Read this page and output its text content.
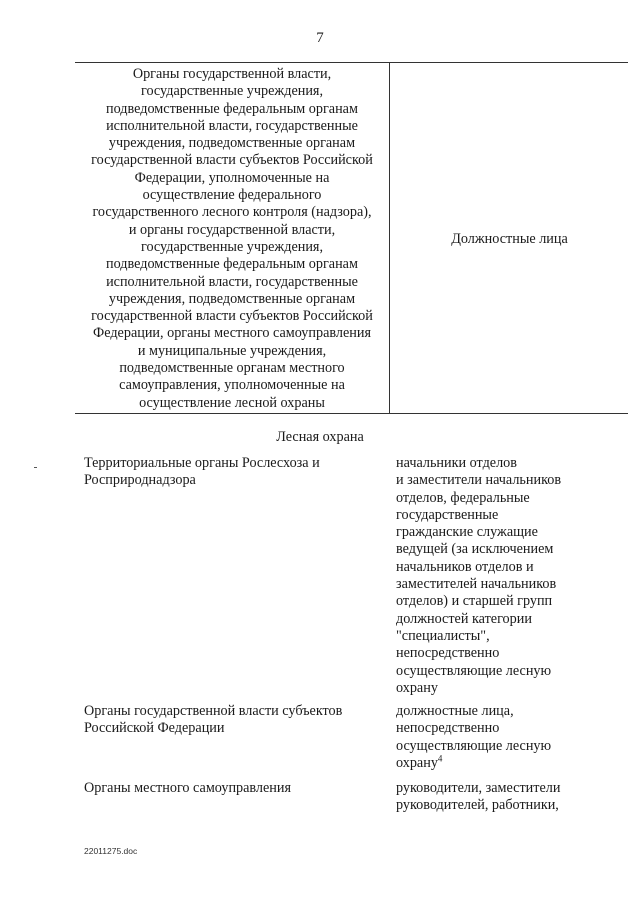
7
Органы государственной власти,
государственные учреждения,
подведомственные федеральным органам
исполнительной власти, государственные
учреждения, подведомственные органам
государственной власти субъектов Российской
Федерации, уполномоченные на
осуществление федерального
государственного лесного контроля (надзора),
и органы государственной власти,
государственные учреждения,
подведомственные федеральным органам
исполнительной власти, государственные
учреждения, подведомственные органам
государственной власти субъектов Российской
Федерации, органы местного самоуправления
и муниципальные учреждения,
подведомственные органам местного
самоуправления, уполномоченные на
осуществление лесной охраны
Должностные лица
Лесная охрана
Территориальные органы Рослесхоза и
Росприроднадзора
начальники отделов
и заместители начальников
отделов, федеральные
государственные
гражданские служащие
ведущей (за исключением
начальников отделов и
заместителей начальников
отделов) и старшей групп
должностей категории
"специалисты",
непосредственно
осуществляющие лесную
охрану
Органы государственной власти субъектов
Российской Федерации
должностные лица,
непосредственно
осуществляющие лесную
охрану$^4$
Органы местного самоуправления	руководители, заместители
руководителей, работники,
22011275.doc
